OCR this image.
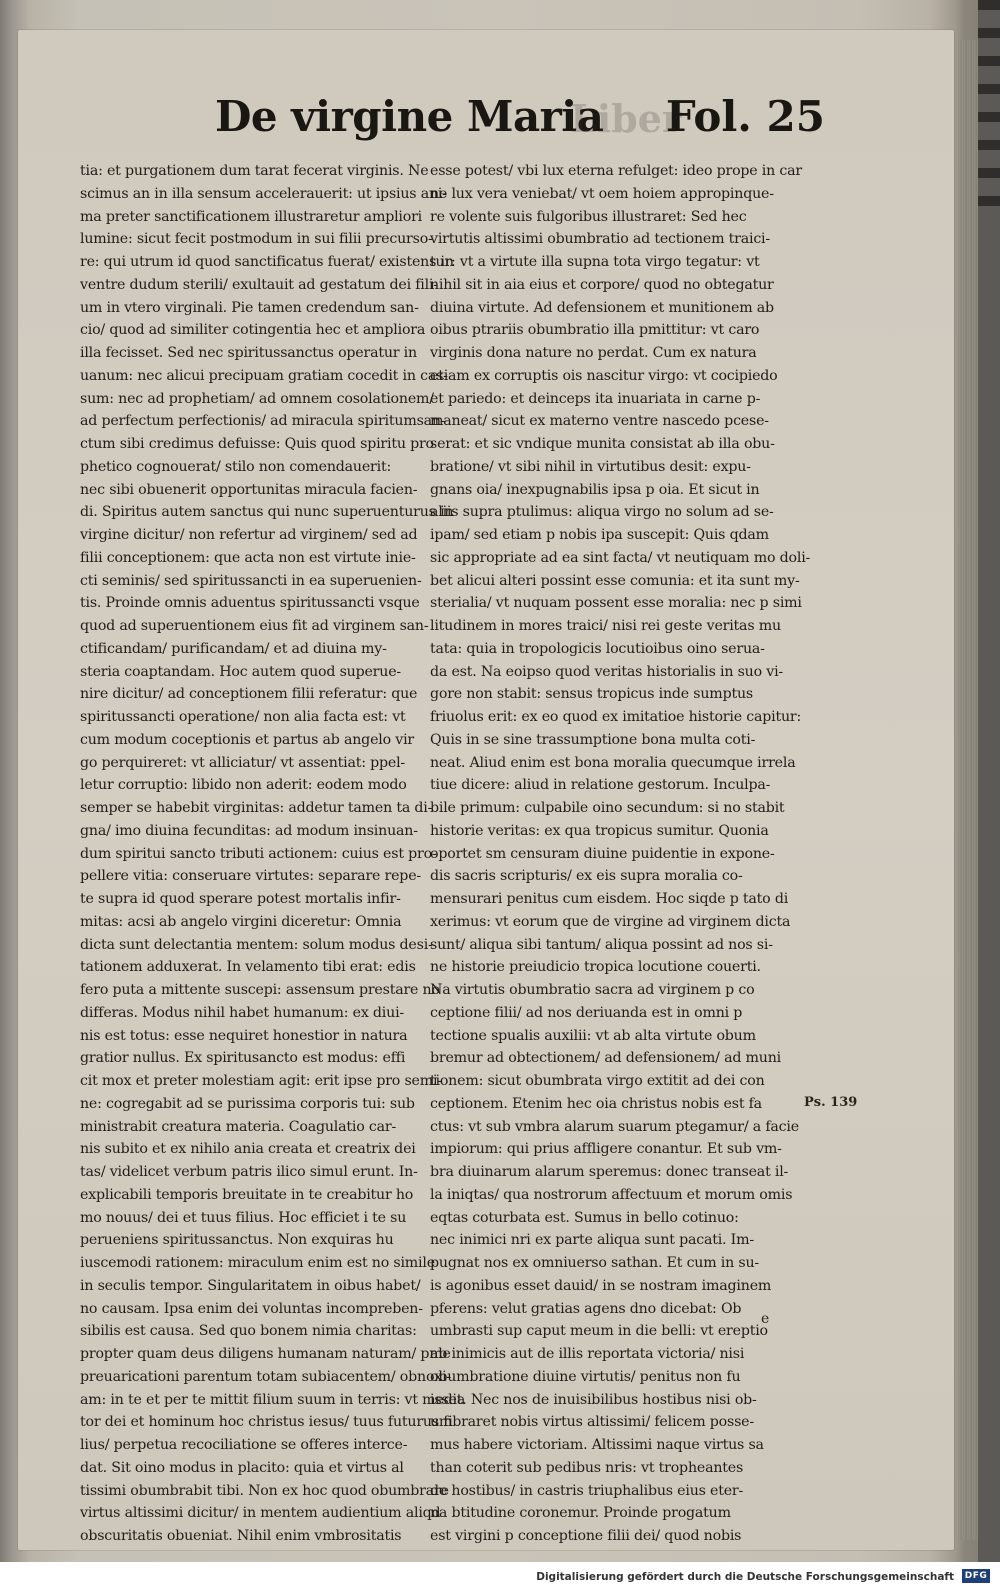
De virgine Maria
Liber
Fol. 25
tia: et purgationem dum tarat fecerat virginis. Ne
scimus an in illa sensum accelerauerit: ut ipsius ani-
ma preter sanctificationem illustraretur ampliori
lumine: sicut fecit postmodum in sui filii precurso-
re: qui utrum id quod sanctificatus fuerat/ existens in
ventre dudum sterili/ exultauit ad gestatum dei fili-
um in vtero virginali. Pie tamen credendum san-
cio/ quod ad similiter cotingentia hec et ampliora
illa fecisset. Sed nec spiritussanctus operatur in
uanum: nec alicui precipuam gratiam cocedit in cas-
sum: nec ad prophetiam/ ad omnem cosolationem/
ad perfectum perfectionis/ ad miracula spiritumsan-
ctum sibi credimus defuisse: Quis quod spiritu pro
phetico cognouerat/ stilo non comendauerit:
nec sibi obuenerit opportunitas miracula facien-
di. Spiritus autem sanctus qui nunc superuenturus in
virgine dicitur/ non refertur ad virginem/ sed ad
filii conceptionem: que acta non est virtute inie-
cti seminis/ sed spiritussancti in ea superuenien-
tis. Proinde omnis aduentus spiritussancti vsque
quod ad superuentionem eius fit ad virginem san-
ctificandam/ purificandam/ et ad diuina my-
steria coaptandam. Hoc autem quod superue-
nire dicitur/ ad conceptionem filii referatur: que
spiritussancti operatione/ non alia facta est: vt
cum modum coceptionis et partus ab angelo vir
go perquireret: vt alliciatur/ vt assentiat: ppel-
letur corruptio: libido non aderit: eodem modo
semper se habebit virginitas: addetur tamen ta di-
gna/ imo diuina fecunditas: ad modum insinuan-
dum spiritui sancto tributi actionem: cuius est pro-
pellere vitia: conseruare virtutes: separare repe-
te supra id quod sperare potest mortalis infir-
mitas: acsi ab angelo virgini diceretur: Omnia
dicta sunt delectantia mentem: solum modus desi-
tationem adduxerat. In velamento tibi erat: edis
fero puta a mittente suscepi: assensum prestare no
differas. Modus nihil habet humanum: ex diui-
nis est totus: esse nequiret honestior in natura
gratior nullus. Ex spiritusancto est modus: effi
cit mox et preter molestiam agit: erit ipse pro semi-
ne: cogregabit ad se purissima corporis tui: sub
ministrabit creatura materia. Coagulatio car-
nis subito et ex nihilo ania creata et creatrix dei
tas/ videlicet verbum patris ilico simul erunt. In-
explicabili temporis breuitate in te creabitur ho
mo nouus/ dei et tuus filius. Hoc efficiet i te su
perueniens spiritussanctus. Non exquiras hu
iuscemodi rationem: miraculum enim est no simile
in seculis tempor. Singularitatem in oibus habet/
no causam. Ipsa enim dei voluntas incompreben-
sibilis est causa. Sed quo bonem nimia charitas:
propter quam deus diligens humanam naturam/ pme
preuaricationi parentum totam subiacentem/ obnoxi-
am: in te et per te mittit filium suum in terris: vt media
tor dei et hominum hoc christus iesus/ tuus futurus fi
lius/ perpetua recociliatione se offeres interce-
dat. Sit oino modus in placito: quia et virtus al
tissimi obumbrabit tibi. Non ex hoc quod obumbrare
virtus altissimi dicitur/ in mentem audientium aliqd
obscuritatis obueniat. Nihil enim vmbrositatis
esse potest/ vbi lux eterna refulget: ideo prope in car
ne lux vera veniebat/ vt oem hoiem appropinque-
re volente suis fulgoribus illustraret: Sed hec
virtutis altissimi obumbratio ad tectionem traici-
tur: vt a virtute illa supna tota virgo tegatur: vt
nihil sit in aia eius et corpore/ quod no obtegatur
diuina virtute. Ad defensionem et munitionem ab
oibus ptrariis obumbratio illa pmittitur: vt caro
virginis dona nature no perdat. Cum ex natura
etiam ex corruptis ois nascitur virgo: vt cocipiedo
et pariedo: et deinceps ita inuariata in carne p-
maneat/ sicut ex materno ventre nascedo pcese-
serat: et sic vndique munita consistat ab illa obu-
bratione/ vt sibi nihil in virtutibus desit: expu-
gnans oia/ inexpugnabilis ipsa p oia. Et sicut in
aliis supra ptulimus: aliqua virgo no solum ad se-
ipam/ sed etiam p nobis ipa suscepit: Quis qdam
sic appropriate ad ea sint facta/ vt neutiquam mo doli-
bet alicui alteri possint esse comunia: et ita sunt my-
sterialia/ vt nuquam possent esse moralia: nec p simi
litudinem in mores traici/ nisi rei geste veritas mu
tata: quia in tropologicis locutioibus oino serua-
da est. Na eoipso quod veritas historialis in suo vi-
gore non stabit: sensus tropicus inde sumptus
friuolus erit: ex eo quod ex imitatioe historie capitur:
Quis in se sine trassumptione bona multa coti-
neat. Aliud enim est bona moralia quecumque irrela
tiue dicere: aliud in relatione gestorum. Inculpa-
bile primum: culpabile oino secundum: si no stabit
historie veritas: ex qua tropicus sumitur. Quonia
oportet sm censuram diuine puidentie in expone-
dis sacris scripturis/ ex eis supra moralia co-
mensurari penitus cum eisdem. Hoc siqde p tato di
xerimus: vt eorum que de virgine ad virginem dicta
sunt/ aliqua sibi tantum/ aliqua possint ad nos si-
ne historie preiudicio tropica locutione couerti.
Na virtutis obumbratio sacra ad virginem p co
ceptione filii/ ad nos deriuanda est in omni p
tectione spualis auxilii: vt ab alta virtute obum
bremur ad obtectionem/ ad defensionem/ ad muni
tionem: sicut obumbrata virgo extitit ad dei con
ceptionem. Etenim hec oia christus nobis est fa
ctus: vt sub vmbra alarum suarum ptegamur/ a facie
impiorum: qui prius affligere conantur. Et sub vm-
bra diuinarum alarum speremus: donec transeat il-
la iniqtas/ qua nostrorum affectuum et morum omis
eqtas coturbata est. Sumus in bello cotinuo:
nec inimici nri ex parte aliqua sunt pacati. Im-
pugnat nos ex omniuerso sathan. Et cum in su-
is agonibus esset dauid/ in se nostram imaginem
pferens: velut gratias agens dno dicebat: Ob
umbrasti sup caput meum in die belli: vt ereptio
ab inimicis aut de illis reportata victoria/ nisi
obumbratione diuine virtutis/ penitus non fu
isset. Nec nos de inuisibilibus hostibus nisi ob-
umbraret nobis virtus altissimi/ felicem posse-
mus habere victoriam. Altissimi naque virtus sa
than coterit sub pedibus nris: vt tropheantes
de hostibus/ in castris triuphalibus eius eter-
na btitudine coronemur. Proinde progatum
est virgini p conceptione filii dei/ quod nobis
Ps. 139
e
Digitalisierung gefördert durch die Deutsche Forschungsgemeinschaft	DFG
